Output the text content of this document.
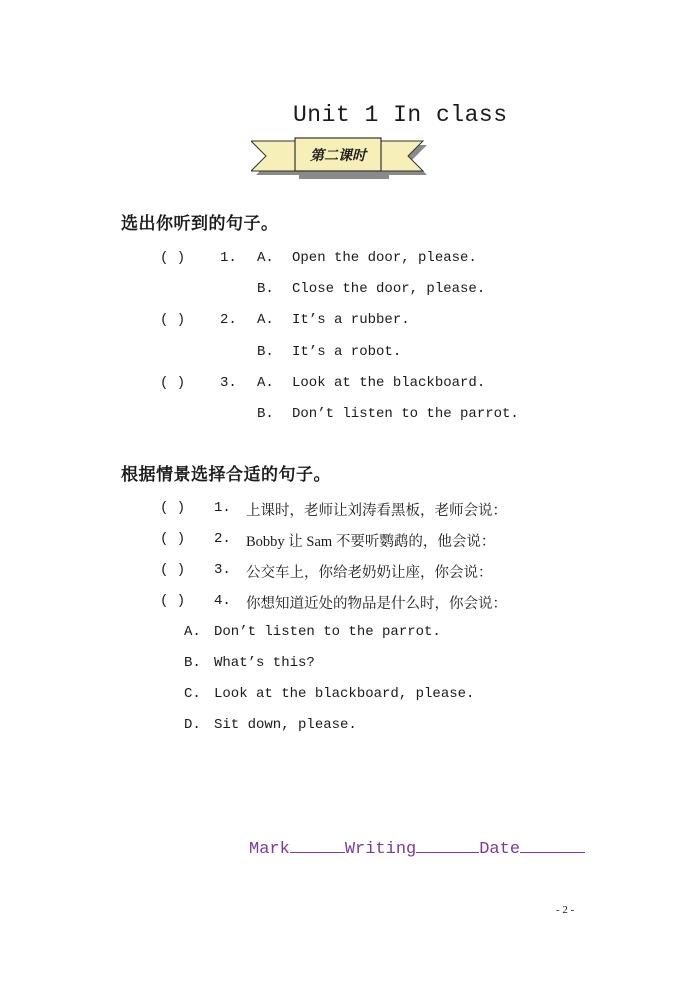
Unit 1 In class
第二课时
选出你听到的句子。
( ) 1. A. Open the door, please.
B. Close the door, please.
( ) 2. A. It’s a rubber.
B. It’s a robot.
( ) 3. A. Look at the blackboard.
B. Don’t listen to the parrot.
根据情景选择合适的句子。
( ) 1. 上课时，老师让刘涛看黑板，老师会说：
( ) 2. Bobby 让 Sam 不要听鹦鹉的，他会说：
( ) 3. 公交车上，你给老奶奶让座，你会说：
( ) 4. 你想知道近处的物品是什么时，你会说：
A. Don’t listen to the parrot.
B. What’s this?
C. Look at the blackboard, please.
D. Sit down, please.
Mark	Writing	Date
- 2 -
